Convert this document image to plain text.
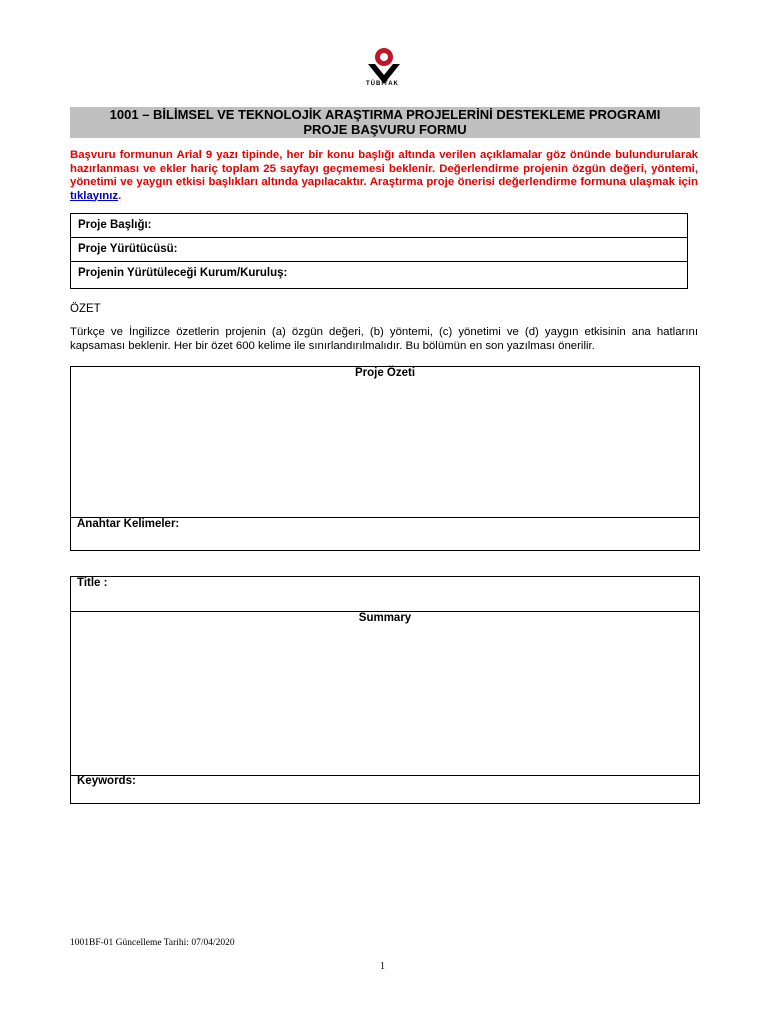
TÜBİTAK
1001 – BİLİMSEL VE TEKNOLOJİK ARAŞTIRMA PROJELERİNİ DESTEKLEME PROGRAMI
PROJE BAŞVURU FORMU
Başvuru formunun Arial 9 yazı tipinde, her bir konu başlığı altında verilen açıklamalar göz önünde bulundurularak hazırlanması ve ekler hariç toplam 25 sayfayı geçmemesi beklenir. Değerlendirme projenin özgün değeri, yöntemi, yönetimi ve yaygın etkisi başlıkları altında yapılacaktır. Araştırma proje önerisi değerlendirme formuna ulaşmak için tıklayınız.
Proje Başlığı:
Proje Yürütücüsü:
Projenin Yürütüleceği Kurum/Kuruluş:
ÖZET
Türkçe ve İngilizce özetlerin projenin (a) özgün değeri, (b) yöntemi, (c) yönetimi ve (d) yaygın etkisinin ana hatlarını kapsaması beklenir. Her bir özet 600 kelime ile sınırlandırılmalıdır. Bu bölümün en son yazılması önerilir.
Proje Özeti
Anahtar Kelimeler:
Title :
Summary
Keywords:
1001BF-01 Güncelleme Tarihi: 07/04/2020
1
